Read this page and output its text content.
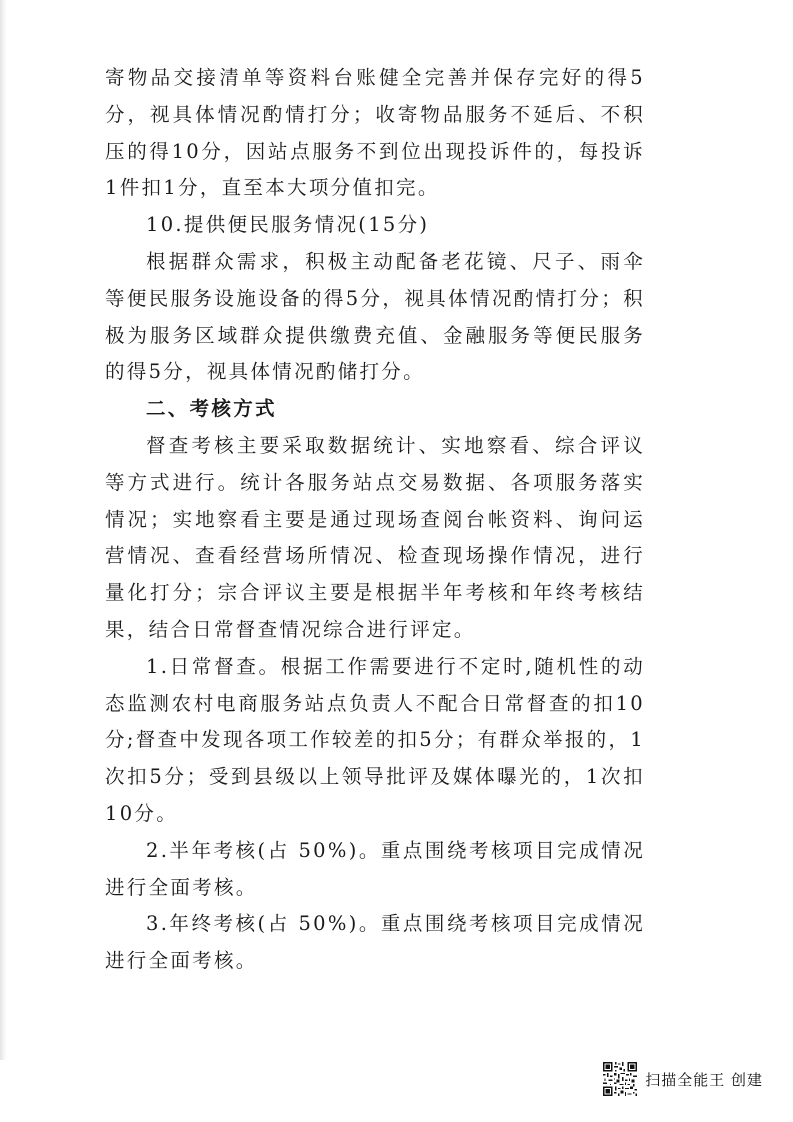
寄物品交接清单等资料台账健全完善并保存完好的得5分，视具体情况酌情打分；收寄物品服务不延后、不积压的得10分，因站点服务不到位出现投诉件的，每投诉1件扣1分，直至本大项分值扣完。

10.提供便民服务情况(15分)

根据群众需求，积极主动配备老花镜、尺子、雨伞等便民服务设施设备的得5分，视具体情况酌情打分；积极为服务区域群众提供缴费充值、金融服务等便民服务的得5分，视具体情况酌储打分。

二、考核方式

督查考核主要采取数据统计、实地察看、综合评议等方式进行。统计各服务站点交易数据、各项服务落实情况；实地察看主要是通过现场查阅台帐资料、询问运营情况、查看经营场所情况、检查现场操作情况，进行量化打分；宗合评议主要是根据半年考核和年终考核结果，结合日常督查情况综合进行评定。

1.日常督查。根据工作需要进行不定时,随机性的动态监测农村电商服务站点负责人不配合日常督查的扣10分;督查中发现各项工作较差的扣5分；有群众举报的，1次扣5分；受到县级以上领导批评及媒体曝光的，1次扣 10分。

2.半年考核(占 50%)。重点围绕考核项目完成情况进行全面考核。

3.年终考核(占 50%)。重点围绕考核项目完成情况进行全面考核。

扫描全能王 创建
